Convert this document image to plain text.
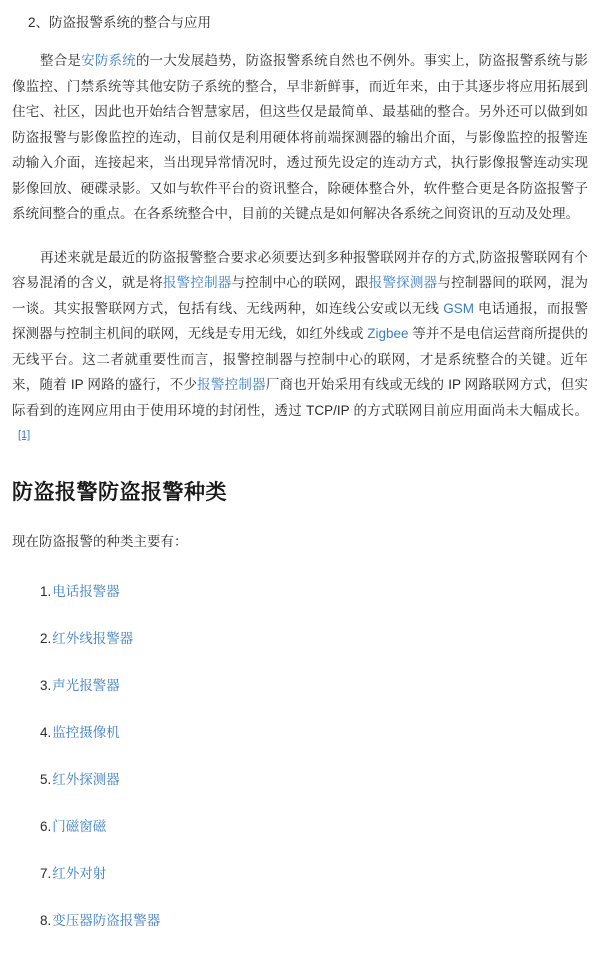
2、防盗报警系统的整合与应用

整合是安防系统的一大发展趋势，防盗报警系统自然也不例外。事实上，防盗报警系统与影像监控、门禁系统等其他安防子系统的整合，早非新鲜事，而近年来，由于其逐步将应用拓展到住宅、社区，因此也开始结合智慧家居，但这些仅是最简单、最基础的整合。另外还可以做到如防盗报警与影像监控的连动，目前仅是利用硬体将前端探测器的输出介面，与影像监控的报警连动输入介面，连接起来，当出现异常情况时，透过预先设定的连动方式，执行影像报警连动实现影像回放、硬碟录影。又如与软件平台的资讯整合，除硬体整合外，软件整合更是各防盗报警子系统间整合的重点。在各系统整合中，目前的关键点是如何解决各系统之间资讯的互动及处理。

再述来就是最近的防盗报警整合要求必须要达到多种报警联网并存的方式,防盗报警联网有个容易混淆的含义，就是将报警控制器与控制中心的联网，跟报警探测器与控制器间的联网，混为一谈。其实报警联网方式，包括有线、无线两种，如连线公安或以无线 GSM 电话通报，而报警探测器与控制主机间的联网，无线是专用无线，如红外线或 Zigbee 等并不是电信运营商所提供的无线平台。这二者就重要性而言，报警控制器与控制中心的联网，才是系统整合的关键。近年来，随着 IP 网路的盛行，不少报警控制器厂商也开始采用有线或无线的 IP 网路联网方式，但实际看到的连网应用由于使用环境的封闭性，透过 TCP/IP 的方式联网目前应用面尚未大幅成长。[1]

防盗报警防盗报警种类

现在防盗报警的种类主要有：

1.电话报警器
2.红外线报警器
3.声光报警器
4.监控摄像机
5.红外探测器
6.门磁窗磁
7.红外对射
8.变压器防盗报警器
